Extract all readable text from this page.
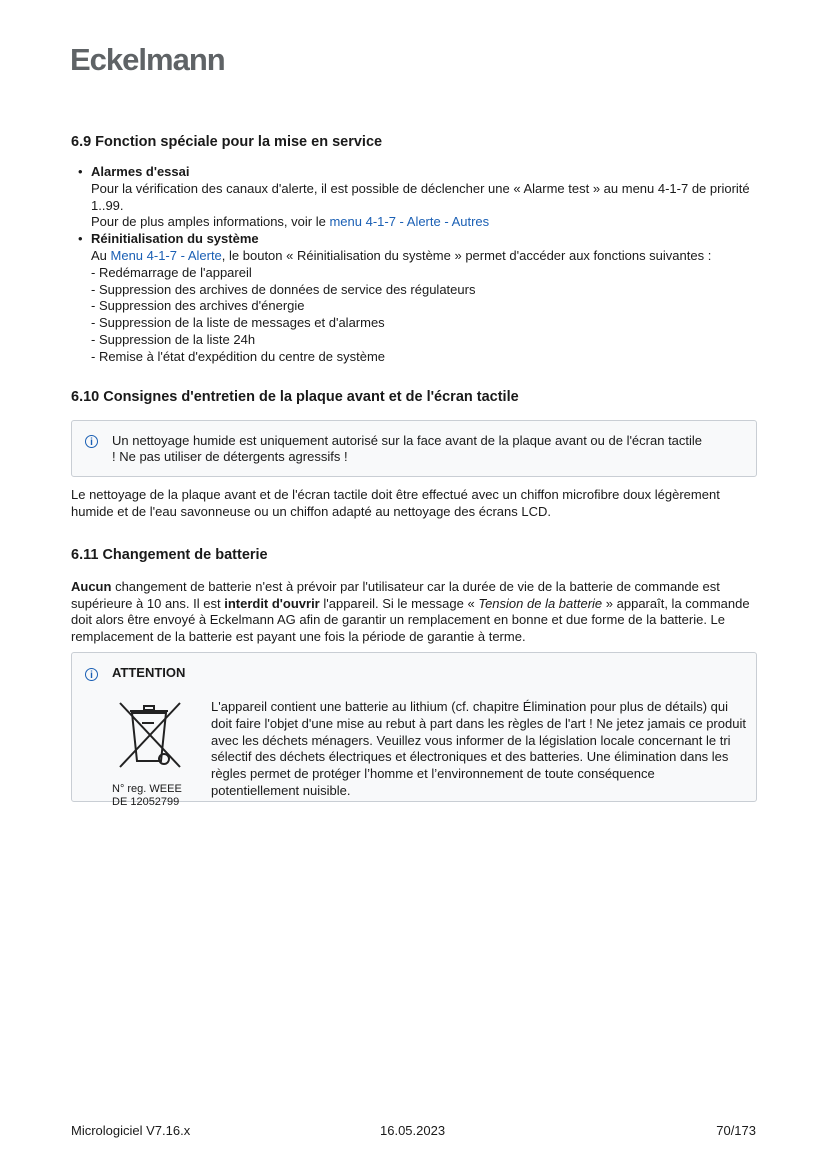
Eckelmann
6.9 Fonction spéciale pour la mise en service
• Alarmes d'essai
Pour la vérification des canaux d'alerte, il est possible de déclencher une « Alarme test » au menu 4-1-7 de priorité 1..99.
Pour de plus amples informations, voir le menu 4-1-7 - Alerte - Autres
• Réinitialisation du système
Au Menu 4-1-7 - Alerte, le bouton « Réinitialisation du système » permet d'accéder aux fonctions suivantes :
- Redémarrage de l'appareil
- Suppression des archives de données de service des régulateurs
- Suppression des archives d'énergie
- Suppression de la liste de messages et d'alarmes
- Suppression de la liste 24h
- Remise à l'état d'expédition du centre de système
6.10 Consignes d'entretien de la plaque avant et de l'écran tactile
i	Un nettoyage humide est uniquement autorisé sur la face avant de la plaque avant ou de l'écran tactile ! Ne pas utiliser de détergents agressifs !

Le nettoyage de la plaque avant et de l'écran tactile doit être effectué avec un chiffon microfibre doux légèrement humide et de l'eau savonneuse ou un chiffon adapté au nettoyage des écrans LCD.

6.11 Changement de batterie

Aucun changement de batterie n'est à prévoir par l'utilisateur car la durée de vie de la batterie de commande est supérieure à 10 ans. Il est interdit d'ouvrir l'appareil. Si le message « Tension de la batterie » apparaît, la commande doit alors être envoyé à Eckelmann AG afin de garantir un remplacement en bonne et due forme de la batterie. Le remplacement de la batterie est payant une fois la période de garantie à terme.

i	ATTENTION
N° reg. WEEE
DE 12052799

L'appareil contient une batterie au lithium (cf. chapitre Élimination pour plus de détails) qui doit faire l'objet d'une mise au rebut à part dans les règles de l'art ! Ne jetez jamais ce produit avec les déchets ménagers. Veuillez vous informer de la législation locale concernant le tri sélectif des déchets électriques et électroniques et des batteries. Une élimination dans les règles permet de protéger l’homme et l’environnement de toute conséquence potentiellement nuisible.

Micrologiciel V7.16.x	16.05.2023	70/173
